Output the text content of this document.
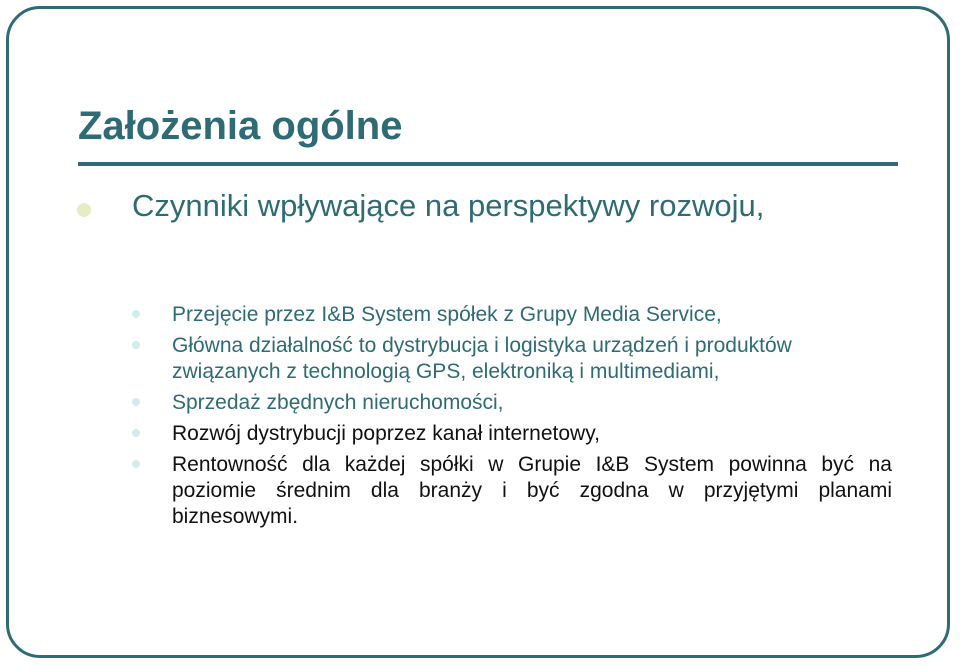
Założenia ogólne

Czynniki wpływające na perspektywy rozwoju,

Przejęcie przez I&B System spółek z Grupy Media Service,
Główna działalność to dystrybucja i logistyka urządzeń i produktów związanych z technologią GPS, elektroniką i multimediami,
Sprzedaż zbędnych nieruchomości,
Rozwój dystrybucji poprzez kanał internetowy,
Rentowność dla każdej spółki w Grupie I&B System powinna być na poziomie średnim dla branży i być zgodna w przyjętymi planami biznesowymi.
